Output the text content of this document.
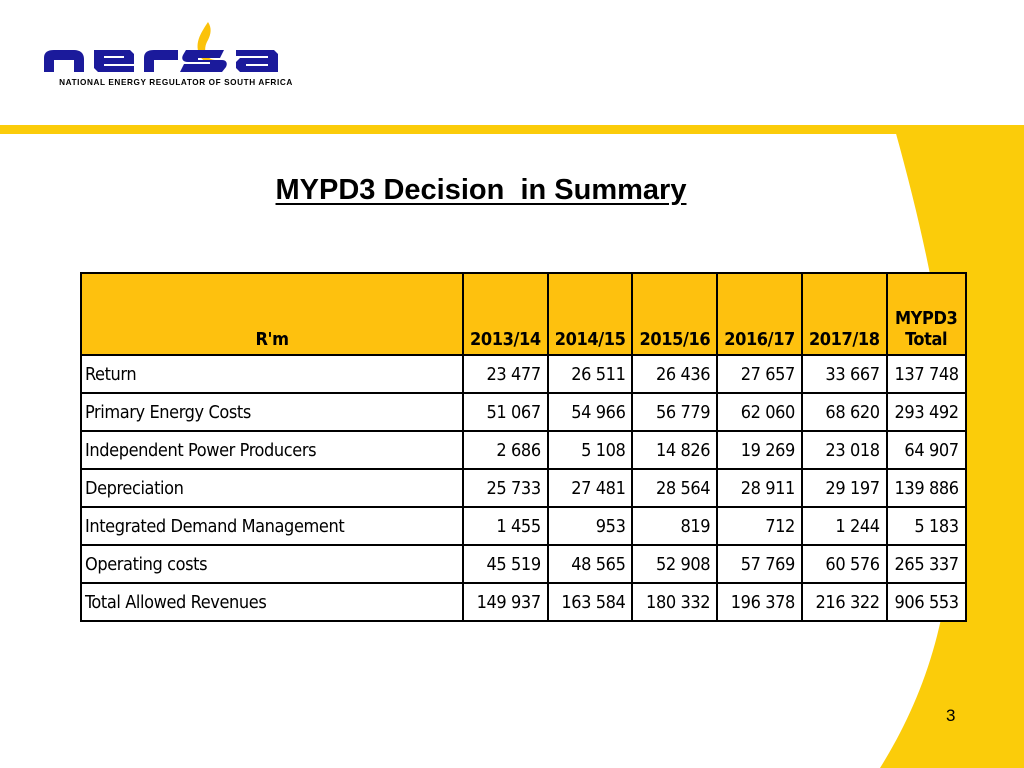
NATIONAL ENERGY REGULATOR OF SOUTH AFRICA
MYPD3 Decision  in Summary
R'm	2013/14	2014/15	2015/16	2016/17	2017/18	MYPD3
Total
Return	23 477	26 511	26 436	27 657	33 667	137 748
Primary Energy Costs	51 067	54 966	56 779	62 060	68 620	293 492
Independent Power Producers	2 686	5 108	14 826	19 269	23 018	64 907
Depreciation	25 733	27 481	28 564	28 911	29 197	139 886
Integrated Demand Management	1 455	953	819	712	1 244	5 183
Operating costs	45 519	48 565	52 908	57 769	60 576	265 337
Total Allowed Revenues	149 937	163 584	180 332	196 378	216 322	906 553
3
